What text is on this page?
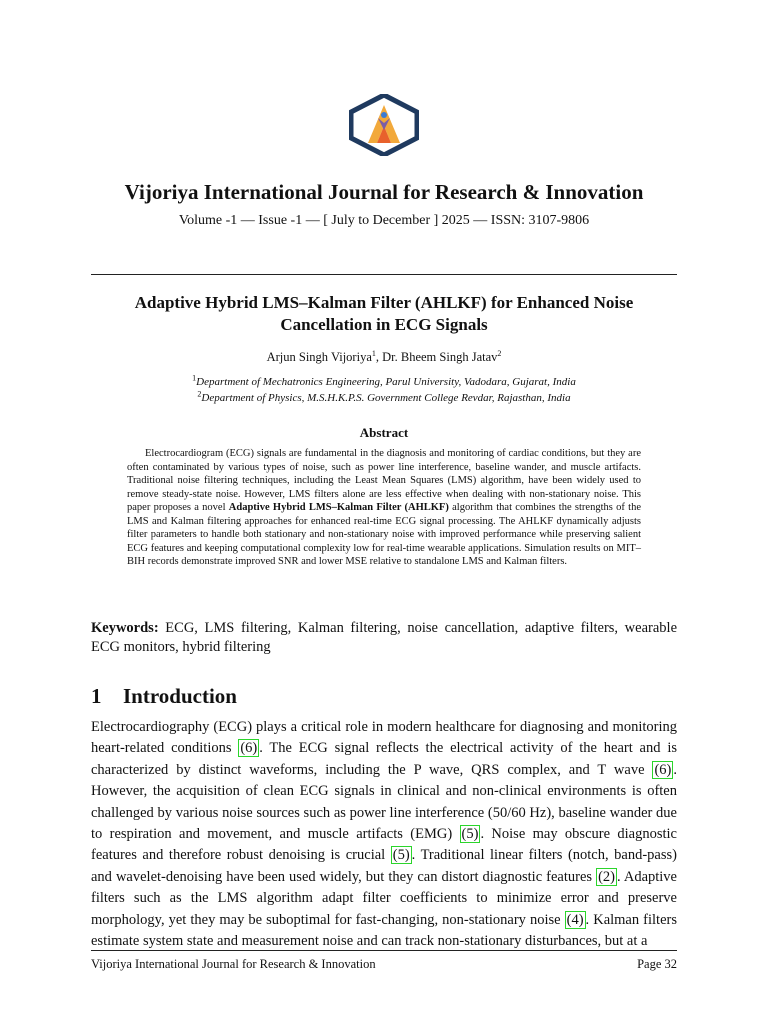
Vijoriya International Journal for Research & Innovation
Volume -1 — Issue -1 — [ July to December ] 2025 — ISSN: 3107-9806
Adaptive Hybrid LMS–Kalman Filter (AHLKF) for Enhanced Noise Cancellation in ECG Signals
Arjun Singh Vijoriya$^1$, Dr. Bheem Singh Jatav$^2$
$^1$Department of Mechatronics Engineering, Parul University, Vadodara, Gujarat, India
$^2$Department of Physics, M.S.H.K.P.S. Government College Revdar, Rajasthan, India
Abstract

Electrocardiogram (ECG) signals are fundamental in the diagnosis and monitoring of cardiac conditions, but they are often contaminated by various types of noise, such as power line interference, baseline wander, and muscle artifacts. Traditional noise filtering techniques, including the Least Mean Squares (LMS) algorithm, have been widely used to remove steady-state noise. However, LMS filters alone are less effective when dealing with non-stationary noise. This paper proposes a novel Adaptive Hybrid LMS–Kalman Filter (AHLKF) algorithm that combines the strengths of the LMS and Kalman filtering approaches for enhanced real-time ECG signal processing. The AHLKF dynamically adjusts filter parameters to handle both stationary and non-stationary noise with improved performance while preserving salient ECG features and keeping computational complexity low for real-time wearable applications. Simulation results on MIT–BIH records demonstrate improved SNR and lower MSE relative to standalone LMS and Kalman filters.

Keywords: ECG, LMS filtering, Kalman filtering, noise cancellation, adaptive filters, wearable ECG monitors, hybrid filtering

1 Introduction

Electrocardiography (ECG) plays a critical role in modern healthcare for diagnosing and monitoring heart-related conditions (6) . The ECG signal reflects the electrical activity of the heart and is characterized by distinct waveforms, including the P wave, QRS complex, and T wave (6) . However, the acquisition of clean ECG signals in clinical and non-clinical environments is often challenged by various noise sources such as power line interference (50/60 Hz), baseline wander due to respiration and movement, and muscle artifacts (EMG) (5) . Noise may obscure diagnostic features and therefore robust denoising is crucial (5) . Traditional linear filters (notch, band-pass) and wavelet-denoising have been used widely, but they can distort diagnostic features (2) . Adaptive filters such as the LMS algorithm adapt filter coefficients to minimize error and preserve morphology, yet they may be suboptimal for fast-changing, non-stationary noise (4) . Kalman filters estimate system state and measurement noise and can track non-stationary disturbances, but at a

Vijoriya International Journal for Research & Innovation	Page 32
